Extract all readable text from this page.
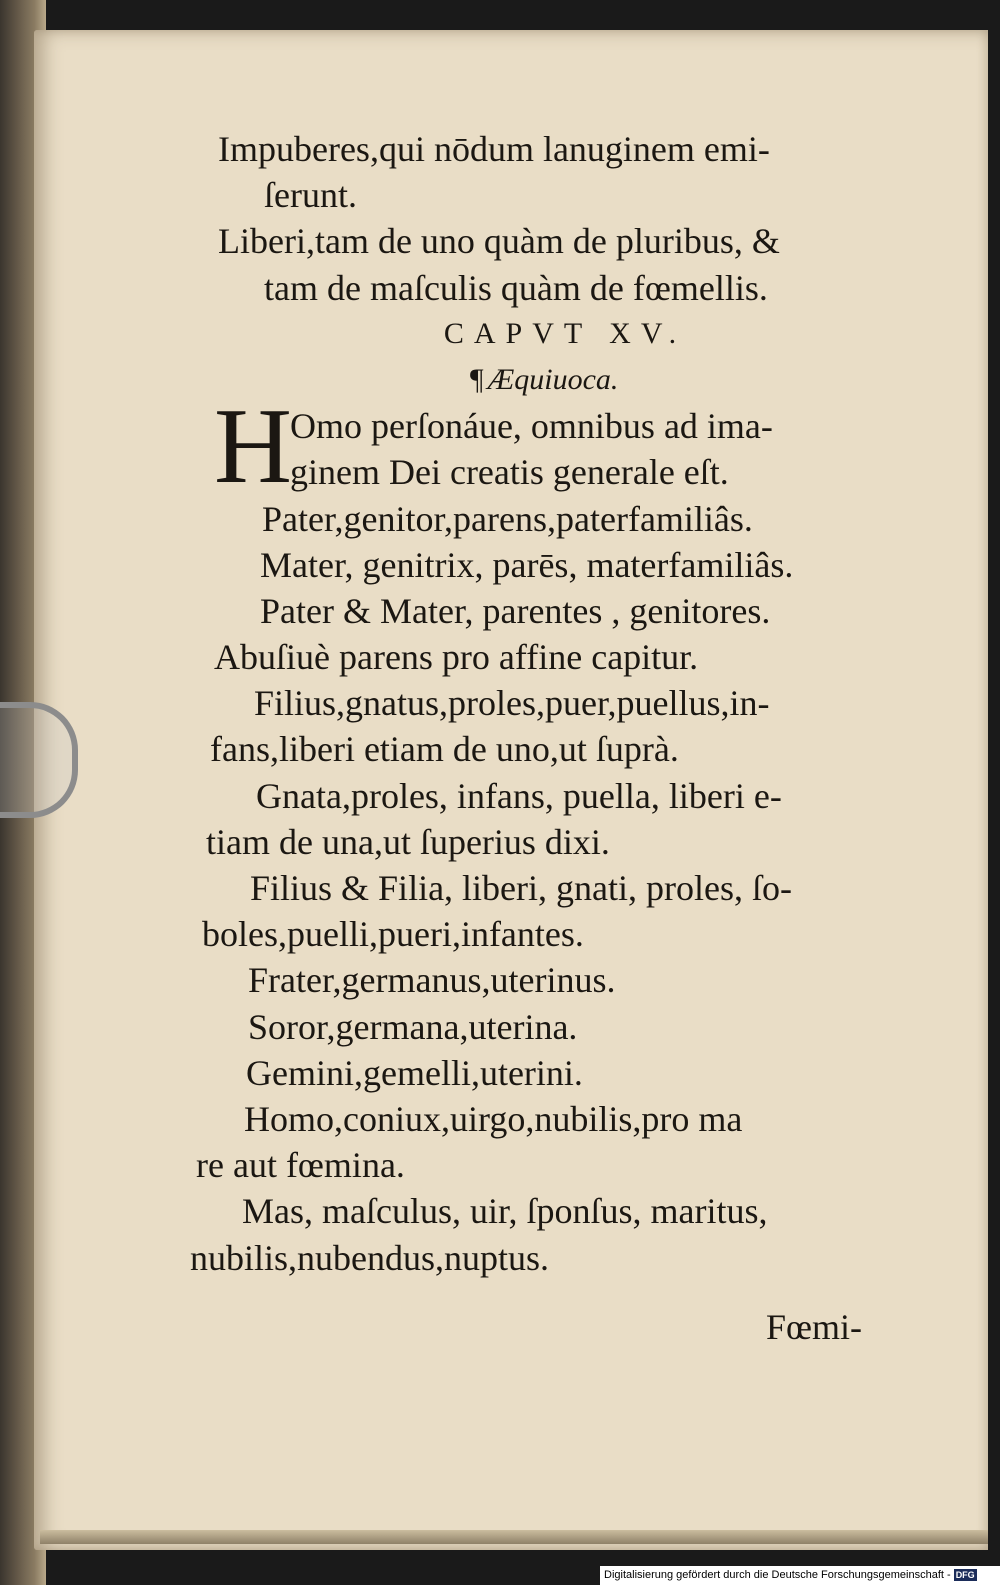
Impuberes,qui nōdum lanuginem emi-
ſerunt.
Liberi,tam de uno quàm de pluribus, &
tam de maſculis quàm de fœmellis.
CAPVT XV.
¶ Æquiuoca.
H
Omo perſonáue, omnibus ad ima-
ginem Dei creatis generale eſt.
Pater,genitor,parens,paterfamiliâs.
Mater, genitrix, parēs, materfamiliâs.
Pater & Mater, parentes , genitores.
Abuſiuè parens pro affine capitur.
Filius,gnatus,proles,puer,puellus,in-
fans,liberi etiam de uno,ut ſuprà.
Gnata,proles, infans, puella, liberi e-
tiam de una,ut ſuperius dixi.
Filius & Filia, liberi, gnati, proles, ſo-
boles,puelli,pueri,infantes.
Frater,germanus,uterinus.
Soror,germana,uterina.
Gemini,gemelli,uterini.
Homo,coniux,uirgo,nubilis,pro ma
re aut fœmina.
Mas, maſculus, uir, ſponſus, maritus,
nubilis,nubendus,nuptus.
Fœmi-
Digitalisierung gefördert durch die Deutsche Forschungsgemeinschaft - DFG
